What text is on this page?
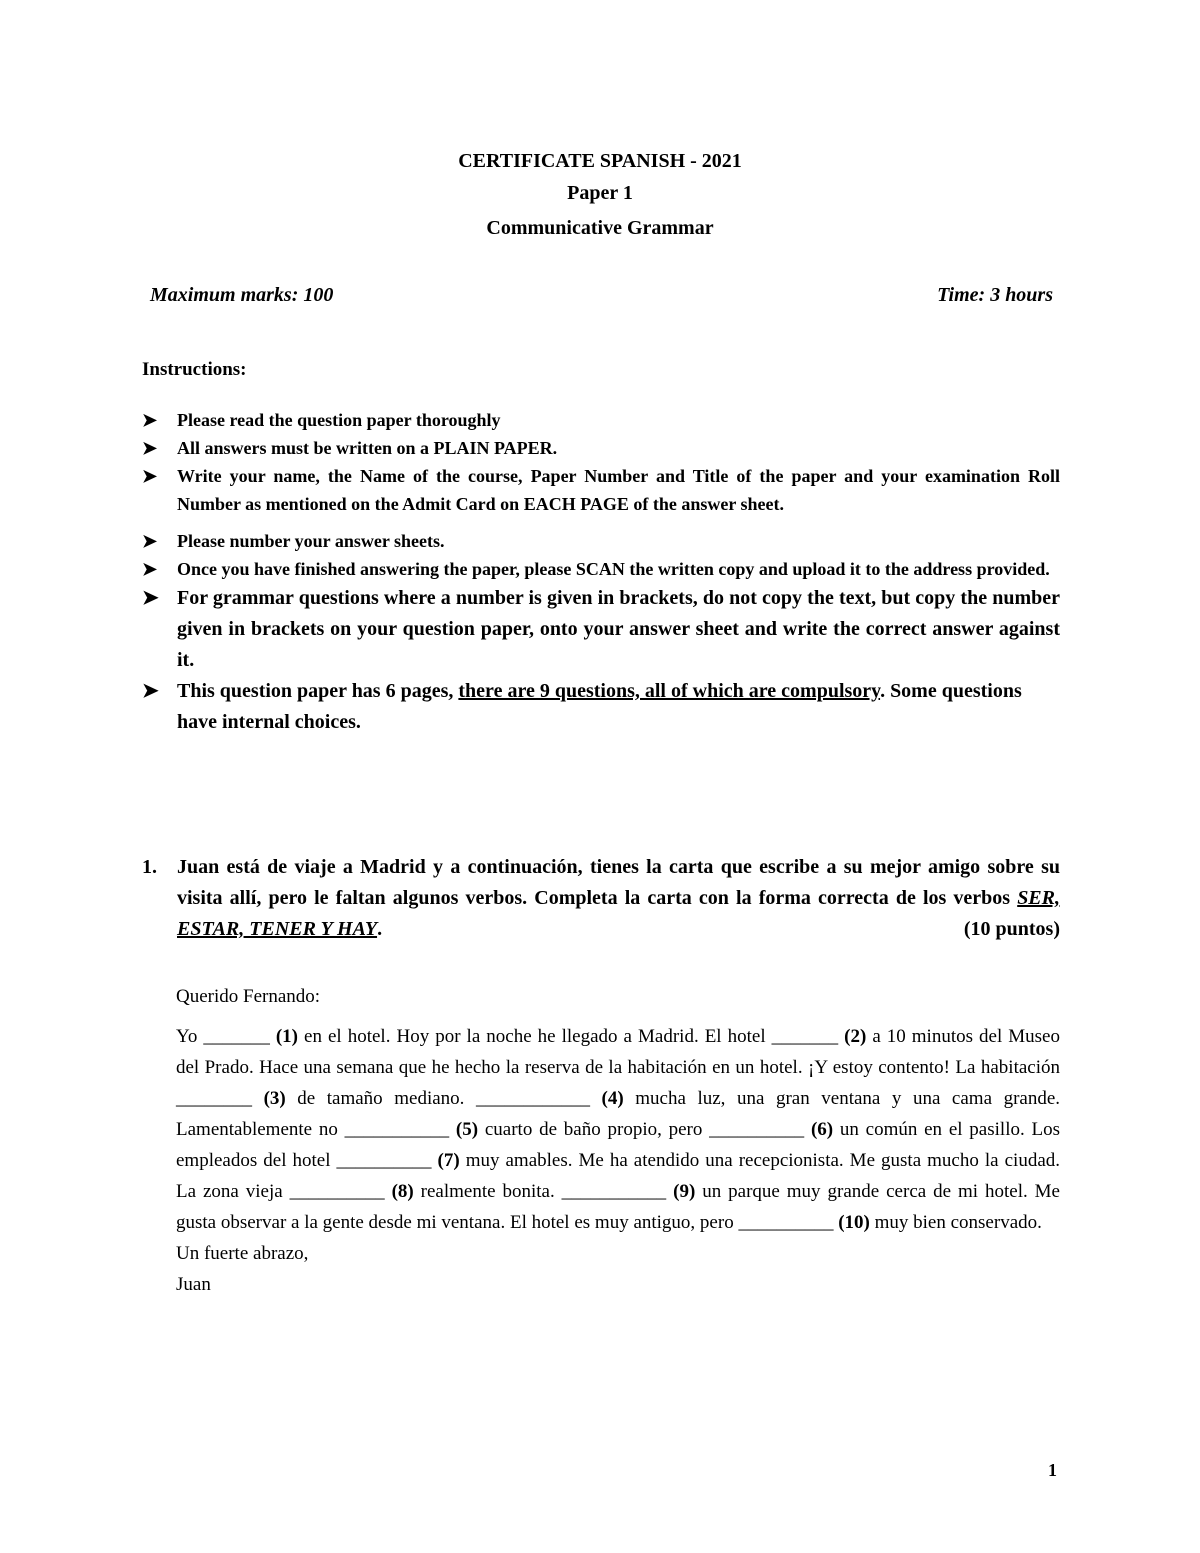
CERTIFICATE SPANISH - 2021
Paper 1
Communicative Grammar
Maximum marks: 100	Time: 3 hours
Instructions:
➤ Please read the question paper thoroughly
➤ All answers must be written on a PLAIN PAPER.
➤ Write your name, the Name of the course, Paper Number and Title of the paper and your examination Roll Number as mentioned on the Admit Card on EACH PAGE of the answer sheet.
➤ Please number your answer sheets.
➤ Once you have finished answering the paper, please SCAN the written copy and upload it to the address provided.
➤ For grammar questions where a number is given in brackets, do not copy the text, but copy the number given in brackets on your question paper, onto your answer sheet and write the correct answer against it.
➤ This question paper has 6 pages, there are 9 questions, all of which are compulsory. Some questions have internal choices.
1. Juan está de viaje a Madrid y a continuación, tienes la carta que escribe a su mejor amigo sobre su visita allí, pero le faltan algunos verbos. Completa la carta con la forma correcta de los verbos SER, ESTAR, TENER Y HAY.	(10 puntos)

Querido Fernando:

Yo _______ (1) en el hotel. Hoy por la noche he llegado a Madrid. El hotel _______ (2) a 10 minutos del Museo del Prado. Hace una semana que he hecho la reserva de la habitación en un hotel. ¡Y estoy contento! La habitación ________ (3) de tamaño mediano. ____________ (4) mucha luz, una gran ventana y una cama grande. Lamentablemente no ___________ (5) cuarto de baño propio, pero __________ (6) un común en el pasillo. Los empleados del hotel __________ (7) muy amables. Me ha atendido una recepcionista. Me gusta mucho la ciudad. La zona vieja __________ (8) realmente bonita. ___________ (9) un parque muy grande cerca de mi hotel. Me gusta observar a la gente desde mi ventana. El hotel es muy antiguo, pero __________ (10) muy bien conservado.

Un fuerte abrazo,

Juan

1
